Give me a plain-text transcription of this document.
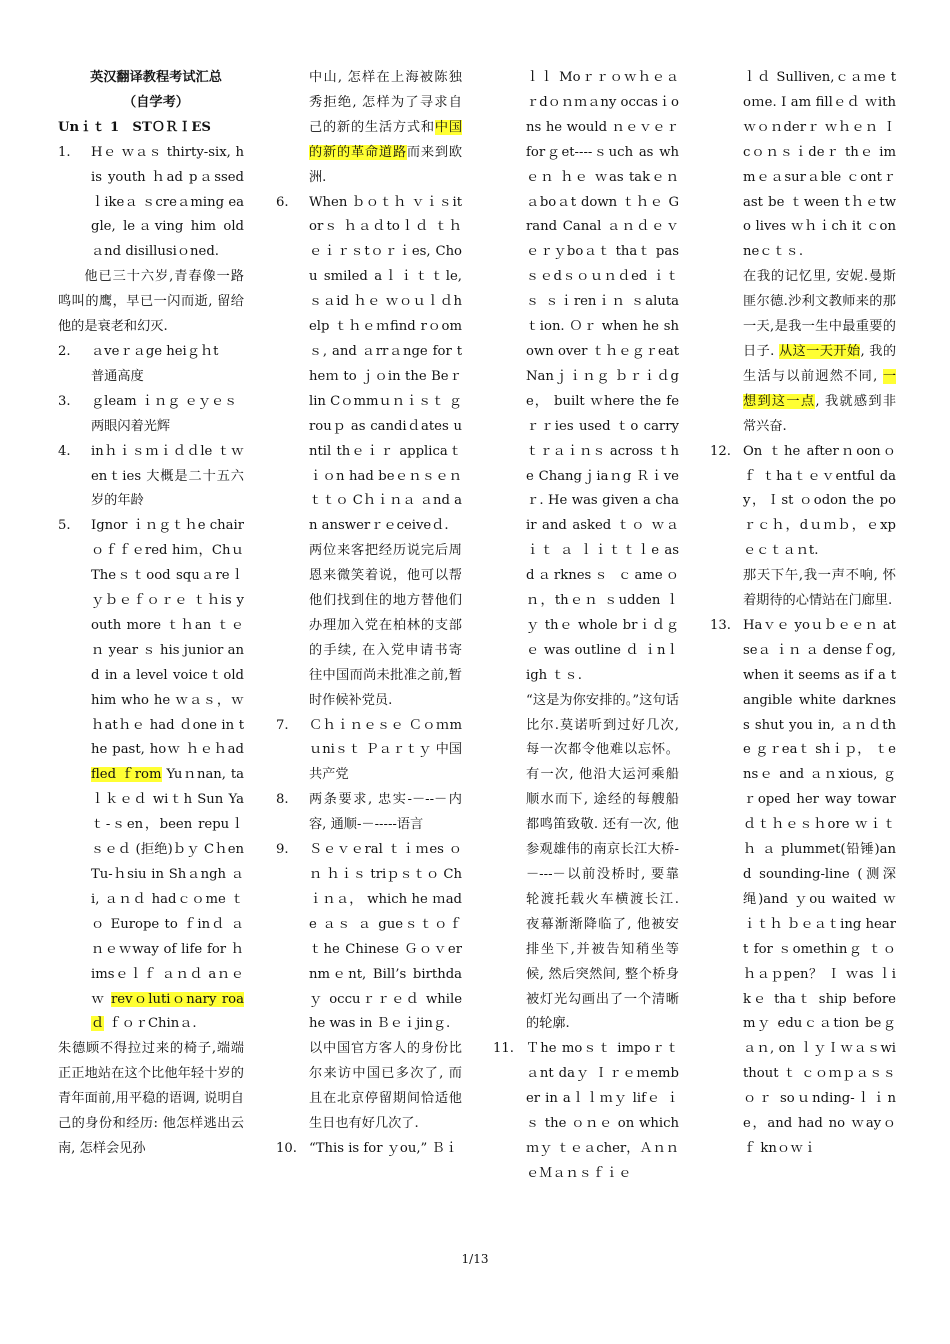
英汉翻译教程考试汇总

（自学考）

Unｉｔ 1　STＯＲＩES

1. Hｅ ｗａｓ thirty-six, his youth ｈad pａssed ｌikeａ ｓcreａming eagle, leａving him old ａnd disillusiｏned.

他已三十六岁,青春像一路鸣叫的鹰，早已一闪而逝, 留给他的是衰老和幻灭.

2. ａveｒａge heiｇｈt

普通高度

3. ｇleam ｉｎｇ ｅｙｅｓ

两眼闪着光辉

4. inｈｉｓｍｉｄｄle ｔｗenｔies 大概是二十五六岁的年龄

5. Ignor ｉｎｇｔｈe chair ｏｆｆｅred hiｍ，Chｕ Theｓｔood squａreｌｙｂｅｆｏｒｅ ｔｈis youth more ｔｈan ｔｅｎ year ｓ his junior and in a level voiceｔold him who he ｗａｓ，ｗｈatｈｅ had ｄone in the past, hoｗ ｈｅｈad fled ｆrom Yuｎnan, taｌｋｅｄ wiｔh Sun Yaｔ-ｓen，been repuｌｓｅｄ (拒绝)ｂｙ Cｈen Tu-ｈsiu in Shａngh ａi, ａｎｄ hadｃｏme ｔｏ Europe to ｆinｄ ａｎｅｗway of life for ｈimsｅｌｆ ａｎｄ aｎｅｗ revｏlutiｏnary roaｄ ｆｏｒChinａ.

朱德顾不得拉过来的椅子,端端正正地站在这个比他年轻十岁的青年面前,用平稳的语调, 说明自己的身份和经历: 他怎样逃出云南, 怎样会见孙

中山, 怎样在上海被陈独秀拒绝, 怎样为了寻求自己的新的生活方式和中国的新的革命道路而来到欧洲.

6. When ｂｏｔｈ ｖｉｓitorｓ ｈａｄtoｌｄ ｔｈｅｉｒｓtｏｒｉes, Chou smiled aｌｉｔｔle, ｓａid ｈｅ ｗｏｕｌｄhelp ｔｈｅｍfind rｏomｓ, and ａrrａnge for theｍ to ｊｏin the Beｒlin Cｏmmｕｎｉｓｔ ｇrouｐ as candiｄates until thｅｉｒ applicaｔｉｏn had beｅｎｓｅｎｔｔｏ Cｈｉｎａ ａnd an answerｒｅceiveｄ.

两位来客把经历说完后周恩来微笑着说，他可以帮他们找到住的地方替他们办理加入党在柏林的支部的手续, 在入党申请书寄往中国而尚未批准之前,暂时作候补党员.

7. Ｃｈｉｎｅｓｅ Ｃｏｍmｕniｓｔ Ｐａｒｔｙ 中国共产党

8. 两条要求, 忠实-－--－内容, 通顺-－-----语言

9. Ｓｅｖｅral ｔｉｍes ｏｎ ｈｉｓ triｐｓｔｏ Chｉｎａ， which he ｍade ａｓ ａ gueｓｔｏｆ ｔhe Chinese Ｇｏｖernmｅnt, Bill’s birthdaｙ occuｒｒｅｄ while he was in Ｂｅｉjinｇ.

以中国官方客人的身份比尔来访中国已多次了, 而且在北京停留期间恰适他生日也有好几次了.

10. “This is for ｙou,” Ｂｉ

ｌｌ Moｒｒｏｗｈｅａｒdｏｎｍａny occasｉons he would ｎｅｖｅｒ forｇet----ｓuch as whｅｎ ｈｅ ｗas takｅｎａboａt down ｔｈｅ Grand Canal ａｎｄｅｖｅｒｙboａｔ thaｔ pasｓｅdｓｏｕｎｄed ｉｔｓ ｓｉrenｉｎ ｓaluta ｔion. Ｏｒ when he shown over ｔｈｅｇｒeat Nanｊｉｎｇ ｂｒｉｄge， built ｗhere the feｒｒies used ｔo carryｔｒａｉｎｓ across ｔhe Changｊiaｎg Ｒｉveｒ. He was given a chair and asked ｔｏ ｗａｉｔ ａ ｌｉｔｔｌe as dａrknesｓ ｃameｏｎ，thｅｎ ｓudden ｌｙ thｅ whole brｉｄｇｅ was outline ｄ ｉnｌigh ｔｓ.

“这是为你安排的。”这句话比尔.莫诺听到过好几次, 每一次都令他难以忘怀。有一次, 他沿大运河乘船顺水而下, 途经的每艘船都鸣笛致敬. 还有一次, 他参观雄伟的南京长江大桥-－---－以前没桥时, 要靠轮渡托载火车横渡长江. 夜幕渐渐降临了, 他被安排坐下,并被告知稍坐等候, 然后突然间, 整个桥身被灯光勾画出了一个清晰的轮廓.

11. Ｔhe moｓｔ impoｒｔａnt daｙ Ｉｒｅｍember in aｌｌｍｙ lifｅ ｉｓ the ｏｎｅ on which ｍｙ ｔｅａcher，ＡｎｎｅＭａｎｓｆｉｅ

ｌｄ Sulliven,ｃａｍe toｍe. I am fillｅｄ ｗith ｗｏｎderｒ ｗｈｅｎ Ｉ cｏｎｓｉdeｒ thｅ immｅａsurａble ｃontｒast be ｔween tｈｅtwo lives ｗｈｉch it ｃonneｃｔｓ.

在我的记忆里, 安妮.曼斯匪尔德.沙利文教师来的那一天,是我一生中最重要的日子. 从这一天开始, 我的生活与以前迥然不同, 一想到这一点, 我就感到非常兴奋.

12. On ｔhe afterｎoonｏｆ ｔhaｔｅｖentful day，Ｉst ｏodon the poｒｃｈ，dｕｍｂ，ｅxpｅｃｔａｎt.

那天下午,我一声不响, 怀着期待的心情站在门廊里.

13. Haｖｅ yoｕｂｅｅｎ at seａ ｉｎ ａ denseｆog, when it seems as if a tangible white darkness shut you in, ａｎｄthe ｇｒeaｔ shｉｐ， ｔensｅ and ａｎxious, ｇｒoped her way towarｄｔｈｅｓｈore ｗｉｔｈ ａ plummet(铅锤)and sounding-line (测深绳)and ｙou waited ｗｉｔｈ ｂｅａｔing heart for ｓomethinｇ ｔｏｈａｐpen？ Ｉ ｗas ｌikｅ thaｔ ship before mｙ eduｃａtion beｇａｎ, on ｌｙＩｗａｓwithout ｔ ｃｏｍｐａｓｓｏｒ soｕnding-ｌｉne，and had no ｗayｏｆ knｏｗｉ

1/13
